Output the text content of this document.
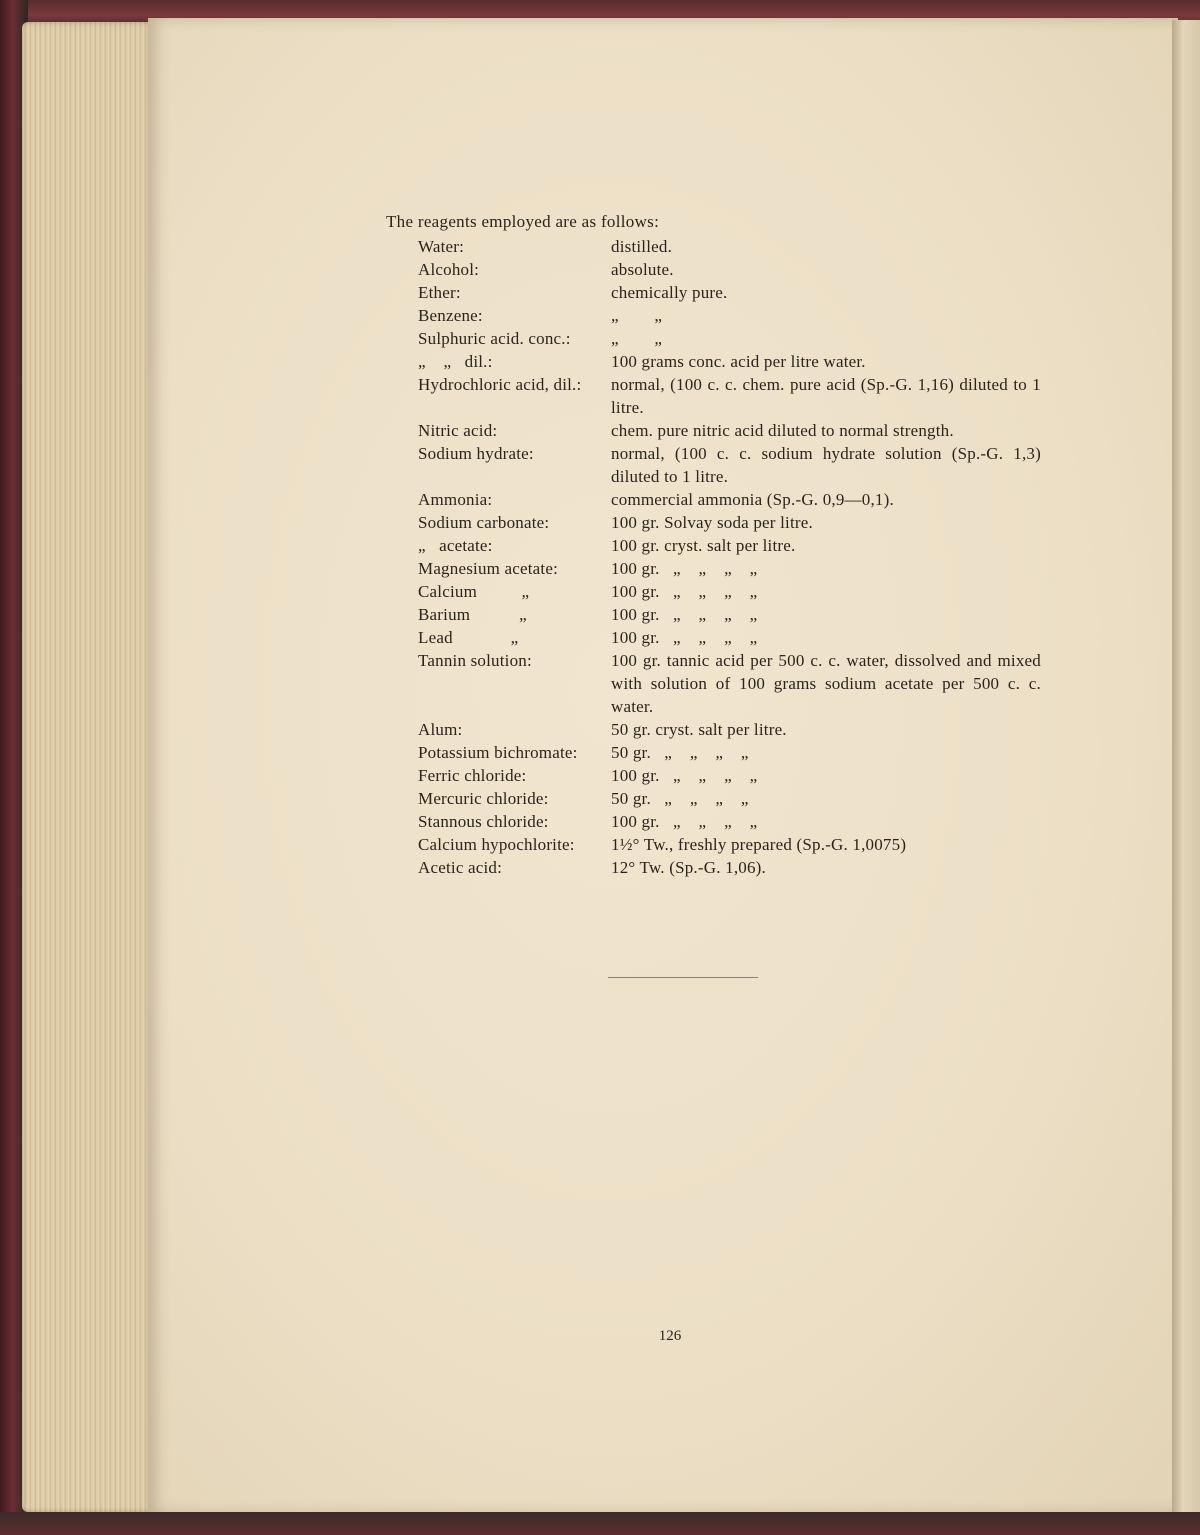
The reagents employed are as follows:
Water:	distilled.
Alcohol:	absolute.
Ether:	chemically pure.
Benzene:	„        „
Sulphuric acid. conc.: „        „
„    „   dil.:	100 grams conc. acid per litre water.
Hydrochloric acid, dil.: normal, (100 c. c. chem. pure acid (Sp.-G. 1,16) diluted to 1 litre.
Nitric acid:	chem. pure nitric acid diluted to normal strength.
Sodium hydrate:	normal, (100 c. c. sodium hydrate solution (Sp.-G. 1,3) diluted to 1 litre.
Ammonia:	commercial ammonia (Sp.-G. 0,9—0,1).
Sodium carbonate:	100 gr. Solvay soda per litre.
„   acetate:	100 gr. cryst. salt per litre.
Magnesium acetate:	100 gr.   „    „    „    „
Calcium          „	100 gr.   „    „    „    „
Barium           „	100 gr.   „    „    „    „
Lead             „	100 gr.   „    „    „    „
Tannin solution:	100 gr. tannic acid per 500 c. c. water, dissolved and mixed with solution of 100 grams sodium acetate per 500 c. c. water.
Alum:	50 gr. cryst. salt per litre.
Potassium bichromate: 50 gr.   „    „    „    „
Ferric chloride:	100 gr.   „    „    „    „
Mercuric chloride:	50 gr.   „    „    „    „
Stannous chloride:	100 gr.   „    „    „    „
Calcium hypochlorite: 1½° Tw., freshly prepared (Sp.-G. 1,0075)
Acetic acid:	12° Tw. (Sp.-G. 1,06).
126
